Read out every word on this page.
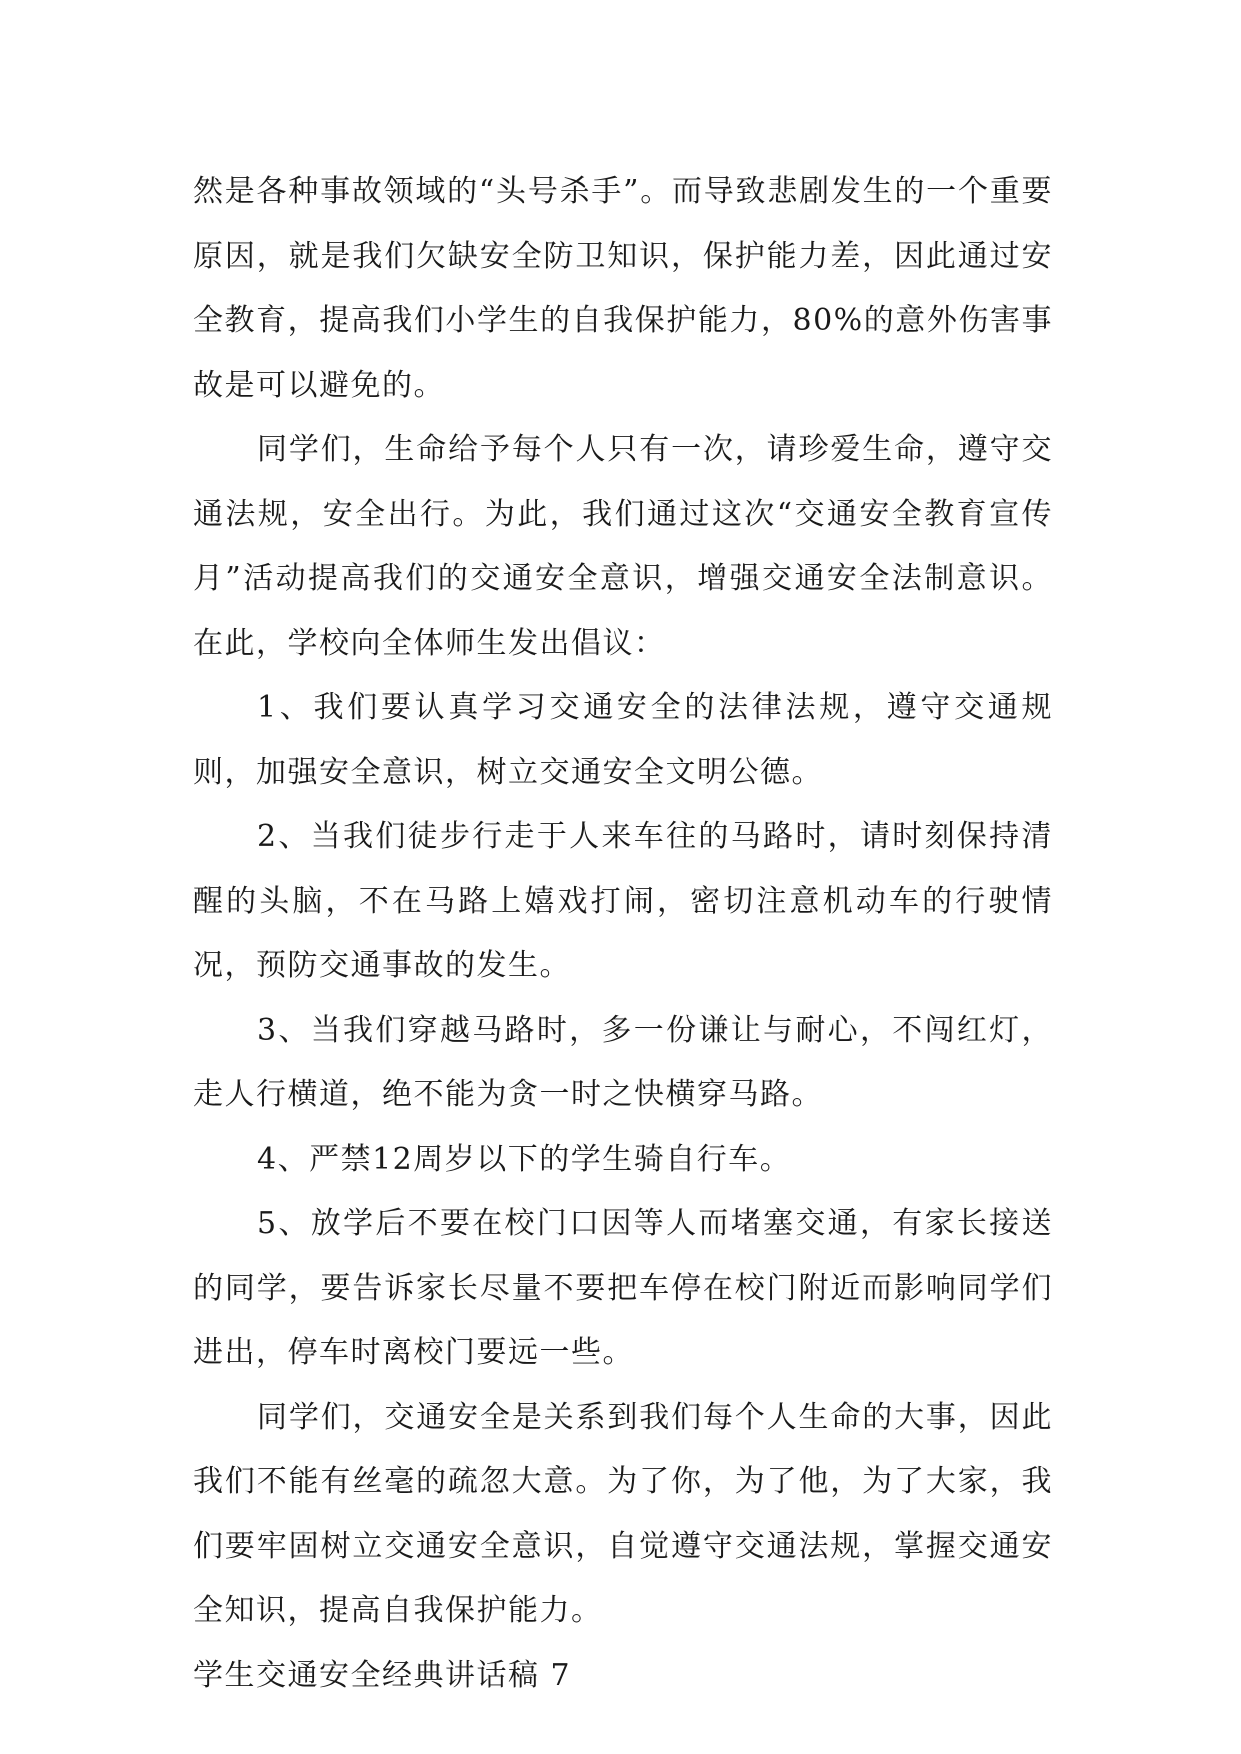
然是各种事故领域的“头号杀手”。而导致悲剧发生的一个重要原因，就是我们欠缺安全防卫知识，保护能力差，因此通过安全教育，提高我们小学生的自我保护能力，80%的意外伤害事故是可以避免的。

同学们，生命给予每个人只有一次，请珍爱生命，遵守交通法规，安全出行。为此，我们通过这次“交通安全教育宣传月”活动提高我们的交通安全意识，增强交通安全法制意识。在此，学校向全体师生发出倡议：

1、我们要认真学习交通安全的法律法规，遵守交通规则，加强安全意识，树立交通安全文明公德。

2、当我们徒步行走于人来车往的马路时，请时刻保持清醒的头脑，不在马路上嬉戏打闹，密切注意机动车的行驶情况，预防交通事故的发生。

3、当我们穿越马路时，多一份谦让与耐心，不闯红灯，走人行横道，绝不能为贪一时之快横穿马路。

4、严禁12周岁以下的学生骑自行车。

5、放学后不要在校门口因等人而堵塞交通，有家长接送的同学，要告诉家长尽量不要把车停在校门附近而影响同学们进出，停车时离校门要远一些。

同学们，交通安全是关系到我们每个人生命的大事，因此我们不能有丝毫的疏忽大意。为了你，为了他，为了大家，我们要牢固树立交通安全意识，自觉遵守交通法规，掌握交通安全知识，提高自我保护能力。

学生交通安全经典讲话稿 7
